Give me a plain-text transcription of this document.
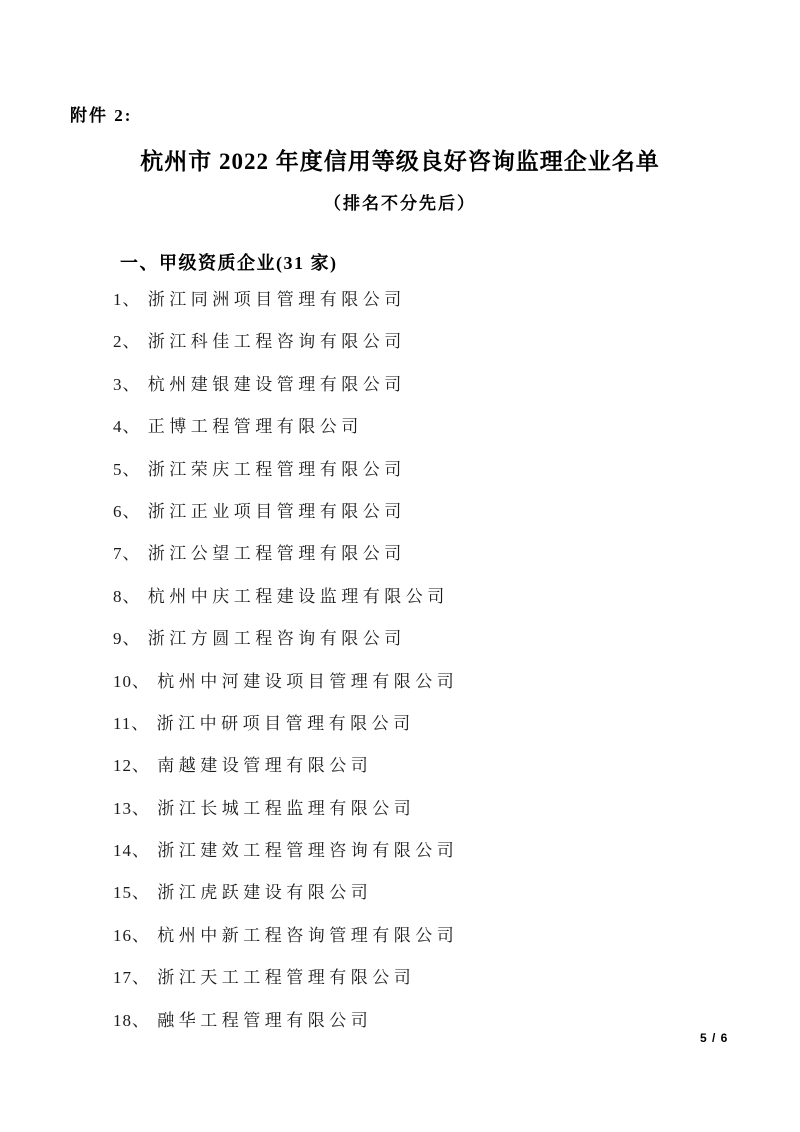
附件 2:
杭州市 2022 年度信用等级良好咨询监理企业名单
（排名不分先后）
一、甲级资质企业(31 家)
1、 浙江同洲项目管理有限公司
2、 浙江科佳工程咨询有限公司
3、 杭州建银建设管理有限公司
4、 正博工程管理有限公司
5、 浙江荣庆工程管理有限公司
6、 浙江正业项目管理有限公司
7、 浙江公望工程管理有限公司
8、 杭州中庆工程建设监理有限公司
9、 浙江方圆工程咨询有限公司
10、 杭州中河建设项目管理有限公司
11、 浙江中研项目管理有限公司
12、 南越建设管理有限公司
13、 浙江长城工程监理有限公司
14、 浙江建效工程管理咨询有限公司
15、 浙江虎跃建设有限公司
16、 杭州中新工程咨询管理有限公司
17、 浙江天工工程管理有限公司
18、 融华工程管理有限公司
5 / 6
